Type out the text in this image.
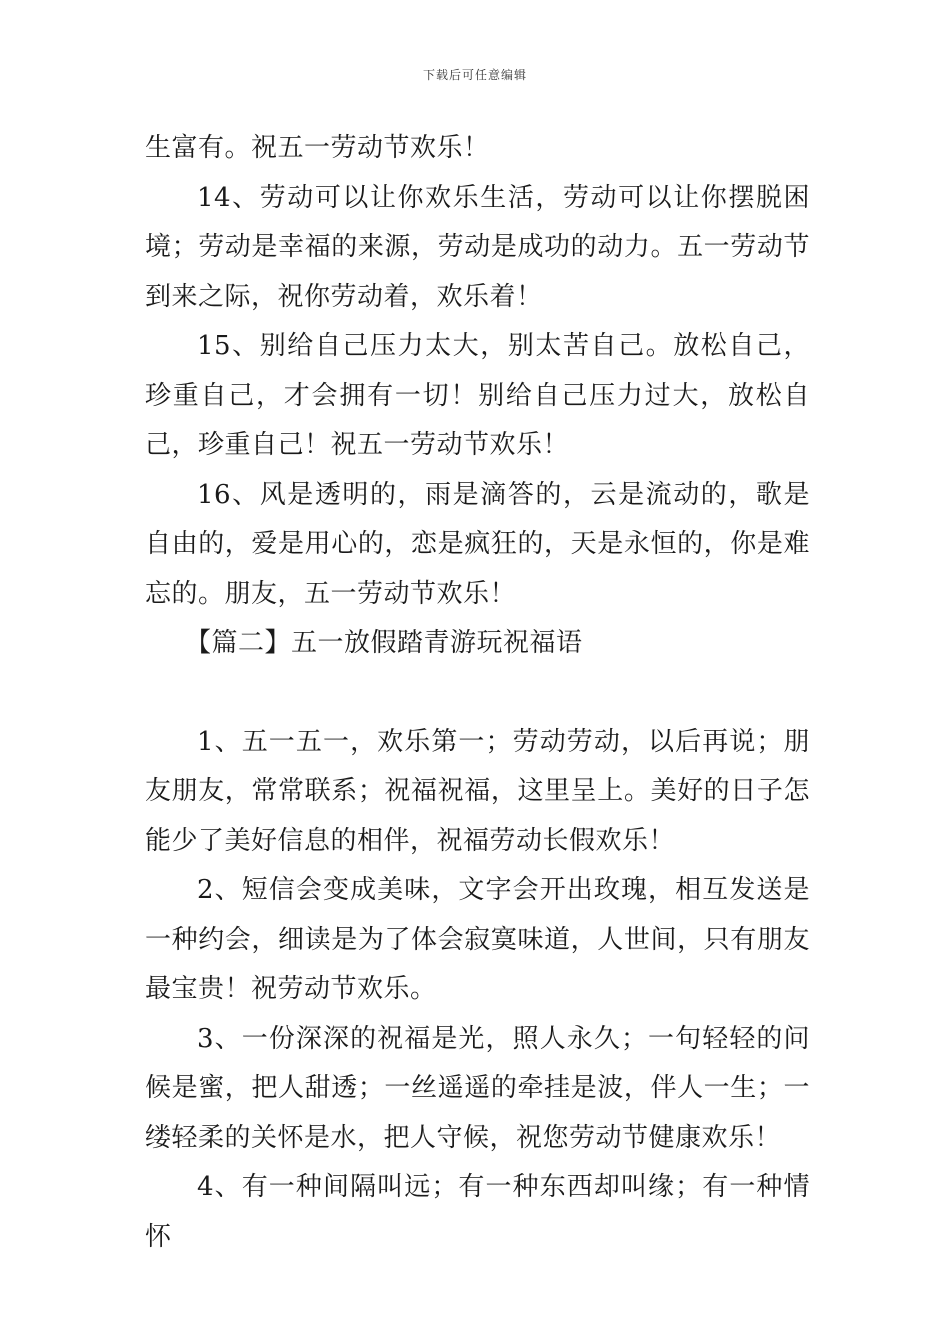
下载后可任意编辑

生富有。祝五一劳动节欢乐！

14、劳动可以让你欢乐生活，劳动可以让你摆脱困境；劳动是幸福的来源，劳动是成功的动力。五一劳动节到来之际，祝你劳动着，欢乐着！

15、别给自己压力太大，别太苦自己。放松自己，珍重自己，才会拥有一切！别给自己压力过大，放松自己，珍重自己！祝五一劳动节欢乐！

16、风是透明的，雨是滴答的，云是流动的，歌是自由的，爱是用心的，恋是疯狂的，天是永恒的，你是难忘的。朋友，五一劳动节欢乐！

【篇二】五一放假踏青游玩祝福语

1、五一五一，欢乐第一；劳动劳动，以后再说；朋友朋友，常常联系；祝福祝福，这里呈上。美好的日子怎能少了美好信息的相伴，祝福劳动长假欢乐！

2、短信会变成美味，文字会开出玫瑰，相互发送是一种约会，细读是为了体会寂寞味道，人世间，只有朋友最宝贵！祝劳动节欢乐。

3、一份深深的祝福是光，照人永久；一句轻轻的问候是蜜，把人甜透；一丝遥遥的牵挂是波，伴人一生；一缕轻柔的关怀是水，把人守候，祝您劳动节健康欢乐！

4、有一种间隔叫远；有一种东西却叫缘；有一种情怀
